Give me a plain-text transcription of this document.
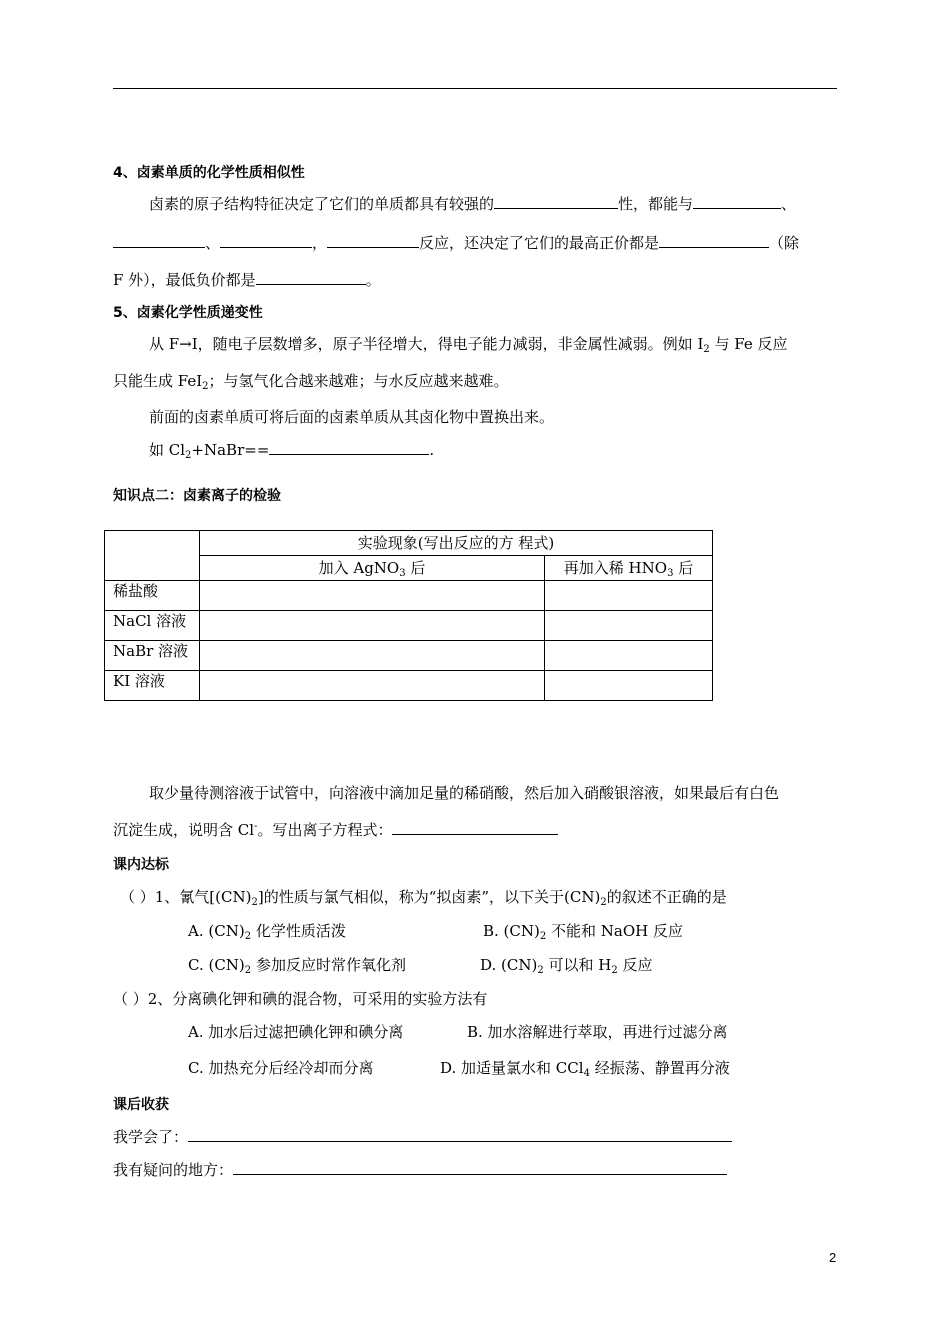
4、卤素单质的化学性质相似性
卤素的原子结构特征决定了它们的单质都具有较强的	性，都能与	、
、	，	反应，还决定了它们的最高正价都是	（除
F 外），最低负价都是	。
5、卤素化学性质递变性
从 F→I，随电子层数增多，原子半径增大，得电子能力减弱，非金属性减弱。例如 $I_2$ 与 Fe 反应
只能生成 FeI$_2$；与氢气化合越来越难；与水反应越来越难。
前面的卤素单质可将后面的卤素单质从其卤化物中置换出来。
如 $Cl_2+NaBr==$	.
知识点二：卤素离子的检验
	实验现象(写出反应的方 程式)	
	加入 AgNO$_3$ 后	再加入稀 $HNO_3$ 后
稀盐酸		
NaCl 溶液		
NaBr 溶液		
KI 溶液		
取少量待测溶液于试管中，向溶液中滴加足量的稀硝酸，然后加入硝酸银溶液，如果最后有白色
沉淀生成，说明含 Cl-。写出离子方程式：
课内达标
（ ）1、氰气$[(CN)_2]$的性质与氯气相似，称为“拟卤素”，以下关于$(CN)_2$的叙述不正确的是
A. $(CN)_2$ 化学性质活泼	B. $(CN)_2$ 不能和 NaOH 反应
C. $(CN)_2$ 参加反应时常作氧化剂	D. $(CN)_2$ 可以和 $H_2$ 反应
（ ）2、分离碘化钾和碘的混合物，可采用的实验方法有
A. 加水后过滤把碘化钾和碘分离	B. 加水溶解进行萃取，再进行过滤分离
C. 加热充分后经冷却而分离	D. 加适量氯水和 CCl$_4$ 经振荡、静置再分液
课后收获
我学会了：
我有疑问的地方：
2
